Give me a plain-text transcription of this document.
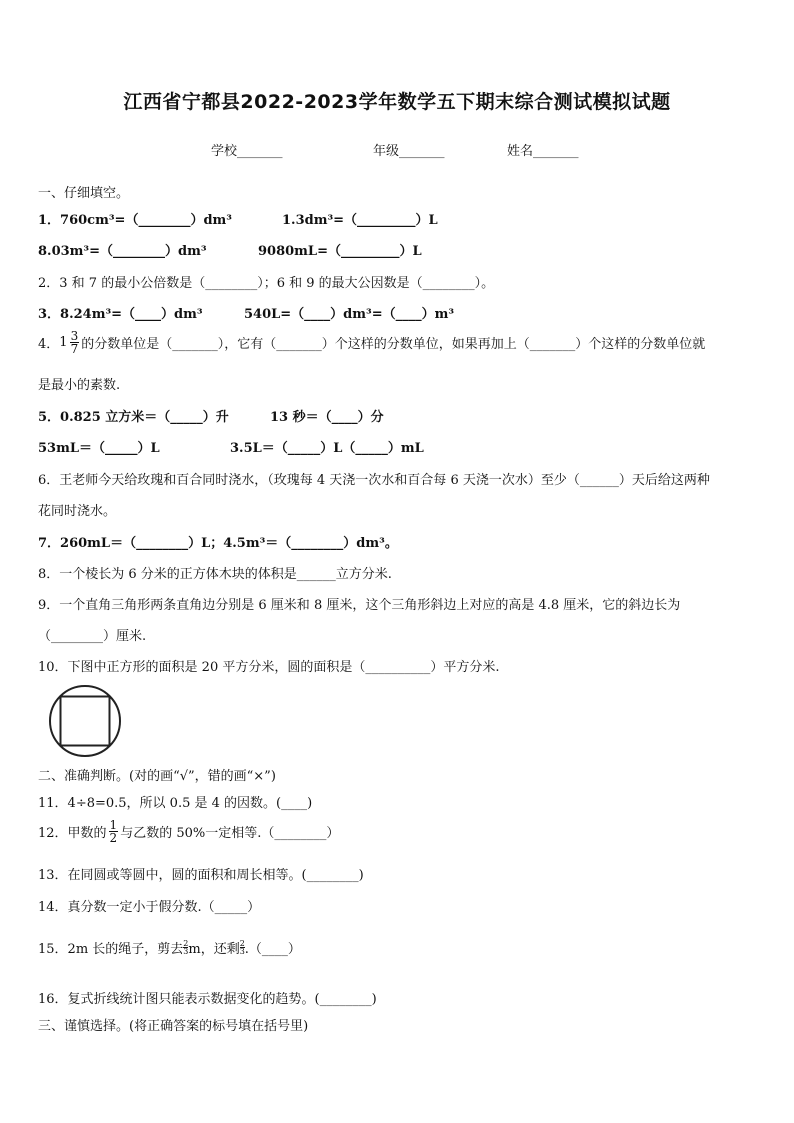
江西省宁都县2022-2023学年数学五下期末综合测试模拟试题
学校_______	年级_______	姓名_______
一、仔细填空。
1．760cm³=（________）dm³	1.3dm³=（_________）L
8.03m³=（________）dm³	9080mL=（_________）L
2．3 和 7 的最小公倍数是（________）；6 和 9 的最大公因数是（________）。
3．8.24m³=（____）dm³	540L=（____）dm³=（____）m³
4．$1 \frac{3}{7}$ 的分数单位是（_______），它有（_______）个这样的分数单位，如果再加上（_______）个这样的分数单位就
是最小的素数.
5．0.825 立方米＝（_____）升	13 秒＝（____）分
53mL＝（_____）L	3.5L＝（_____）L（_____）mL
6．王老师今天给玫瑰和百合同时浇水，（玫瑰每 4 天浇一次水和百合每 6 天浇一次水）至少（______）天后给这两种
花同时浇水。
7．260mL＝（________）L；4.5m³＝（________）dm³。
8．一个棱长为 6 分米的正方体木块的体积是______立方分米.
9．一个直角三角形两条直角边分别是 6 厘米和 8 厘米，这个三角形斜边上对应的高是 4.8 厘米，它的斜边长为
（________）厘米.
10．下图中正方形的面积是 20 平方分米，圆的面积是（__________）平方分米.
二、准确判断。(对的画“√”，错的画“×”)
11．4÷8=0.5，所以 0.5 是 4 的因数。(____)
12．甲数的 $\frac{1}{2}$ 与乙数的 50%一定相等.（________）
13．在同圆或等圆中，圆的面积和周长相等。(________)
14．真分数一定小于假分数.（_____）
15．2m 长的绳子，剪去 $\frac{2}{3}$ m，还剩 $\frac{2}{3}$ .（____）
16．复式折线统计图只能表示数据变化的趋势。(________)
三、谨慎选择。(将正确答案的标号填在括号里)
